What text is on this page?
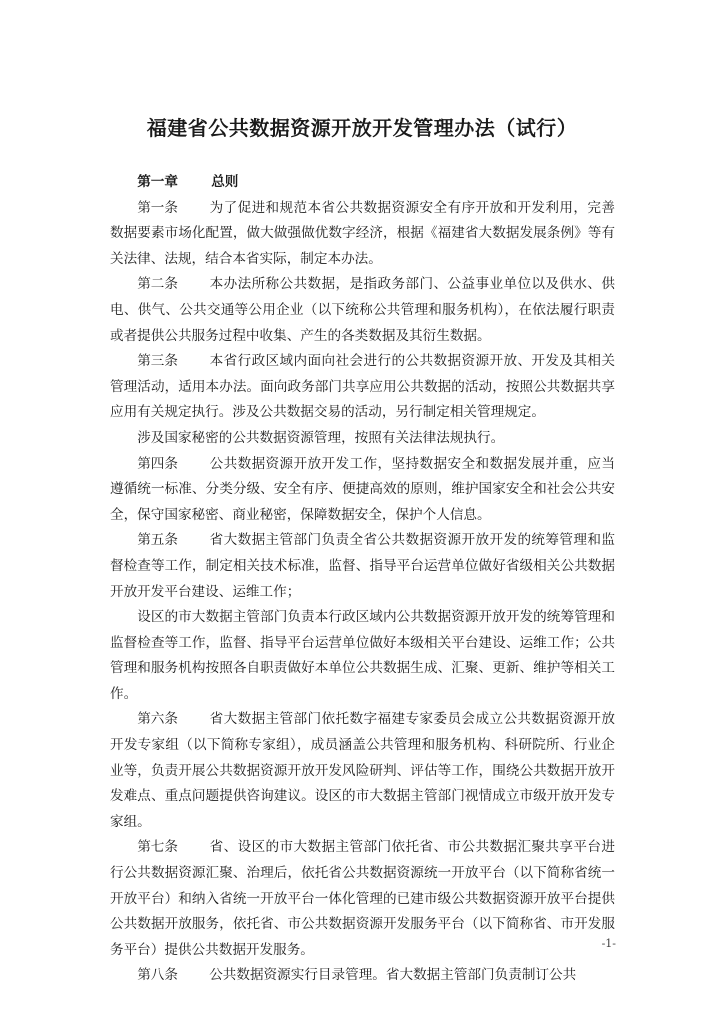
福建省公共数据资源开放开发管理办法（试行）

第一章 总则

第一条 为了促进和规范本省公共数据资源安全有序开放和开发利用，完善数据要素市场化配置，做大做强做优数字经济，根据《福建省大数据发展条例》等有关法律、法规，结合本省实际，制定本办法。

第二条 本办法所称公共数据，是指政务部门、公益事业单位以及供水、供电、供气、公共交通等公用企业（以下统称公共管理和服务机构），在依法履行职责或者提供公共服务过程中收集、产生的各类数据及其衍生数据。

第三条 本省行政区域内面向社会进行的公共数据资源开放、开发及其相关管理活动，适用本办法。面向政务部门共享应用公共数据的活动，按照公共数据共享应用有关规定执行。涉及公共数据交易的活动，另行制定相关管理规定。

涉及国家秘密的公共数据资源管理，按照有关法律法规执行。

第四条 公共数据资源开放开发工作，坚持数据安全和数据发展并重，应当遵循统一标准、分类分级、安全有序、便捷高效的原则，维护国家安全和社会公共安全，保守国家秘密、商业秘密，保障数据安全，保护个人信息。

第五条 省大数据主管部门负责全省公共数据资源开放开发的统筹管理和监督检查等工作，制定相关技术标准，监督、指导平台运营单位做好省级相关公共数据开放开发平台建设、运维工作；

设区的市大数据主管部门负责本行政区域内公共数据资源开放开发的统筹管理和监督检查等工作，监督、指导平台运营单位做好本级相关平台建设、运维工作；公共管理和服务机构按照各自职责做好本单位公共数据生成、汇聚、更新、维护等相关工作。

第六条 省大数据主管部门依托数字福建专家委员会成立公共数据资源开放开发专家组（以下简称专家组），成员涵盖公共管理和服务机构、科研院所、行业企业等，负责开展公共数据资源开放开发风险研判、评估等工作，围绕公共数据开放开发难点、重点问题提供咨询建议。设区的市大数据主管部门视情成立市级开放开发专家组。

第七条 省、设区的市大数据主管部门依托省、市公共数据汇聚共享平台进行公共数据资源汇聚、治理后，依托省公共数据资源统一开放平台（以下简称省统一开放平台）和纳入省统一开放平台一体化管理的已建市级公共数据资源开放平台提供公共数据开放服务，依托省、市公共数据资源开发服务平台（以下简称省、市开发服务平台）提供公共数据开发服务。

第八条 公共数据资源实行目录管理。省大数据主管部门负责制订公共

-1-
